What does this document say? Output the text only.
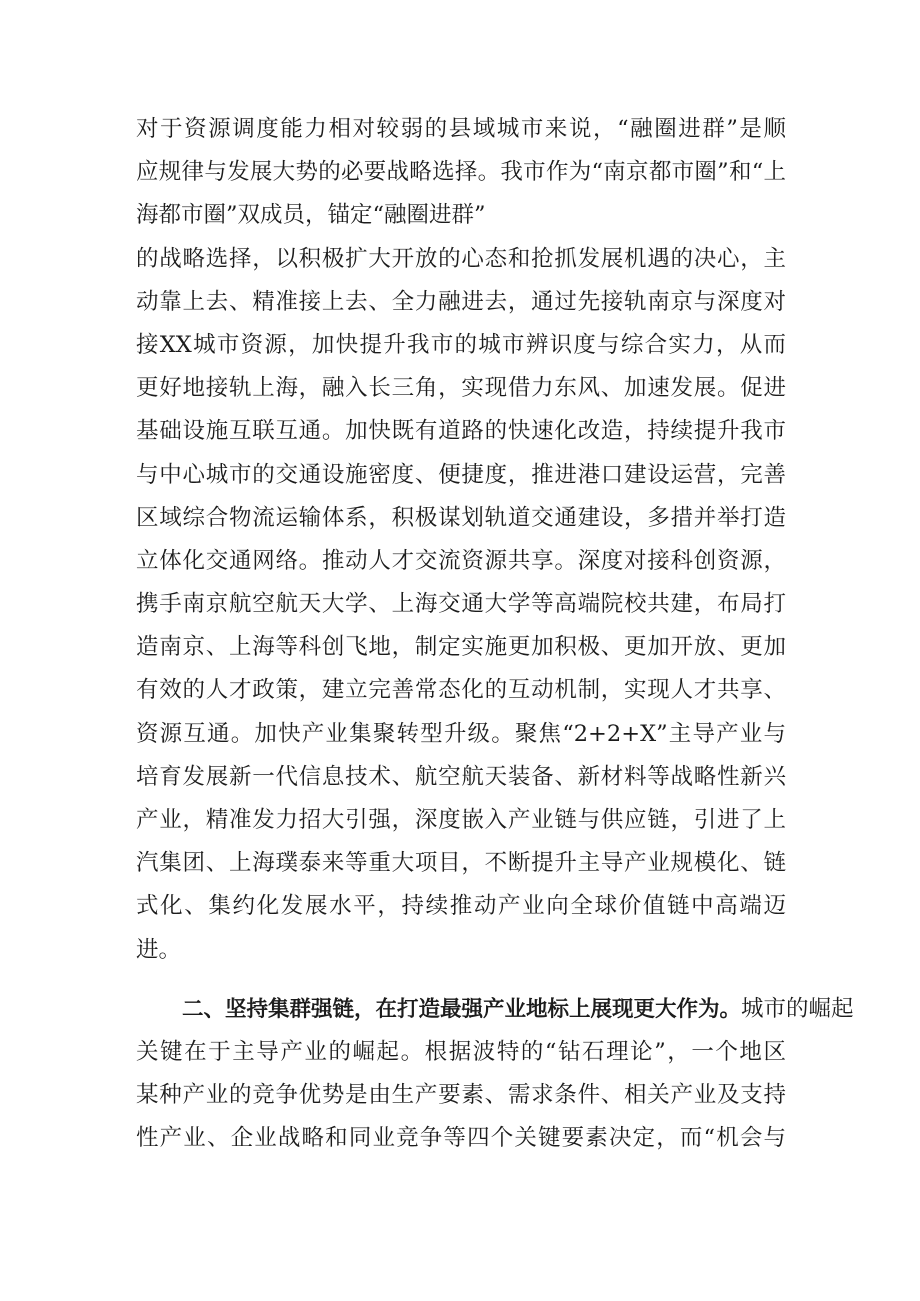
对于资源调度能力相对较弱的县域城市来说，“融圈进群”是顺
应规律与发展大势的必要战略选择。我市作为“南京都市圈”和“上
海都市圈”双成员，锚定“融圈进群”
的战略选择，以积极扩大开放的心态和抢抓发展机遇的决心，主
动靠上去、精准接上去、全力融进去，通过先接轨南京与深度对
接XX城市资源，加快提升我市的城市辨识度与综合实力，从而
更好地接轨上海，融入长三角，实现借力东风、加速发展。促进
基础设施互联互通。加快既有道路的快速化改造，持续提升我市
与中心城市的交通设施密度、便捷度，推进港口建设运营，完善
区域综合物流运输体系，积极谋划轨道交通建设，多措并举打造
立体化交通网络。推动人才交流资源共享。深度对接科创资源，
携手南京航空航天大学、上海交通大学等高端院校共建，布局打
造南京、上海等科创飞地，制定实施更加积极、更加开放、更加
有效的人才政策，建立完善常态化的互动机制，实现人才共享、
资源互通。加快产业集聚转型升级。聚焦“2+2+X”主导产业与
培育发展新一代信息技术、航空航天装备、新材料等战略性新兴
产业，精准发力招大引强，深度嵌入产业链与供应链，引进了上
汽集团、上海璞泰来等重大项目，不断提升主导产业规模化、链
式化、集约化发展水平，持续推动产业向全球价值链中高端迈
进。
二、坚持集群强链，在打造最强产业地标上展现更大作为。城市的崛起
关键在于主导产业的崛起。根据波特的“钻石理论”，一个地区
某种产业的竞争优势是由生产要素、需求条件、相关产业及支持
性产业、企业战略和同业竞争等四个关键要素决定，而“机会与
